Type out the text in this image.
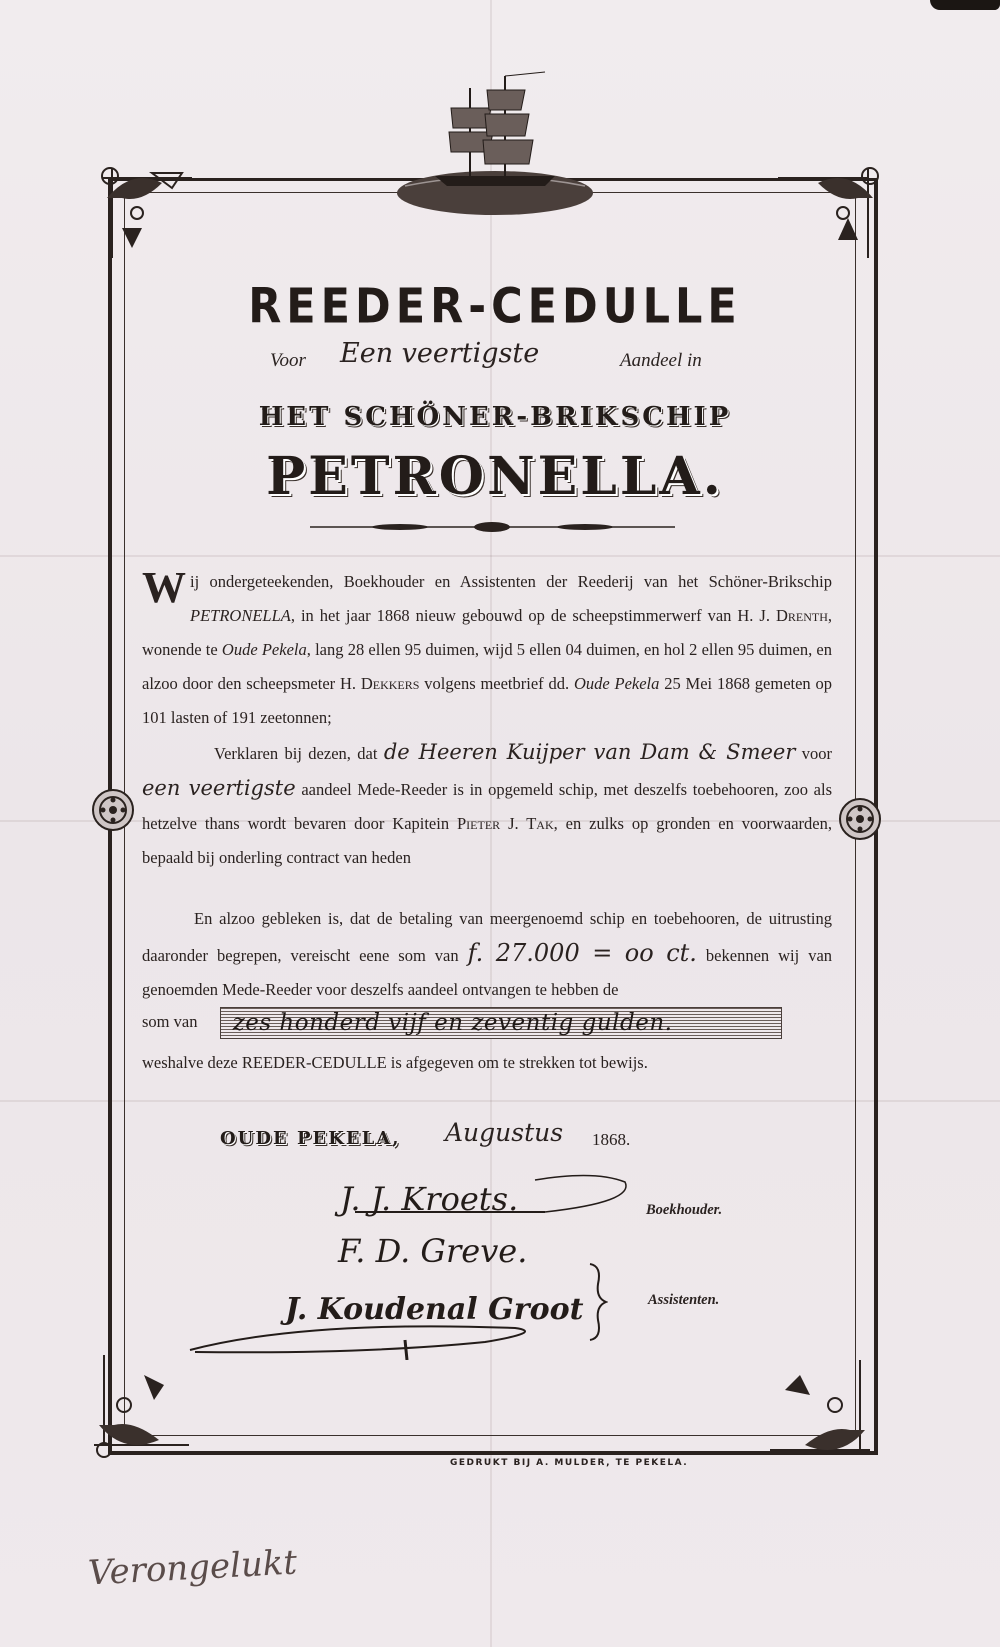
REEDER-CEDULLE
Voor Een veertigste	Aandeel in
HET SCHÖNER-BRIKSCHIP
PETRONELLA.
Wij ondergeteekenden, Boekhouder en Assistenten der Reederij van het Schöner-Brikschip PETRONELLA, in het jaar 1868 nieuw gebouwd op de scheepstimmerwerf van H. J. Drenth, wonende te Oude Pekela, lang 28 ellen 95 duimen, wijd 5 ellen 04 duimen, en hol 2 ellen 95 duimen, en alzoo door den scheepsmeter H. Dekkers volgens meetbrief dd. Oude Pekela 25 Mei 1868 gemeten op 101 lasten of 191 zeetonnen;
Verklaren bij dezen, dat de Heeren Kuijper van Dam & Smeer voor een veertigste aandeel Mede-Reeder is in opgemeld schip, met deszelfs toebehooren, zoo als hetzelve thans wordt bevaren door Kapitein Pieter J. Tak, en zulks op gronden en voorwaarden, bepaald bij onderling contract van heden
En alzoo gebleken is, dat de betaling van meergenoemd schip en toebehooren, de uitrusting daaronder begrepen, vereischt eene som van f. 27.000 = oo ct. bekennen wij van genoemden Mede-Reeder voor deszelfs aandeel ontvangen te hebben de
som van zes honderd vijf en zeventig gulden.
weshalve deze REEDER-CEDULLE is afgegeven om te strekken tot bewijs.
OUDE PEKELA, Augustus 1868.
J. J. Kroets.	Boekhouder.
F. D. Greve.
J. Koudenal Groot	Assistenten.
GEDRUKT BIJ A. MULDER, TE PEKELA.
Verongelukt
